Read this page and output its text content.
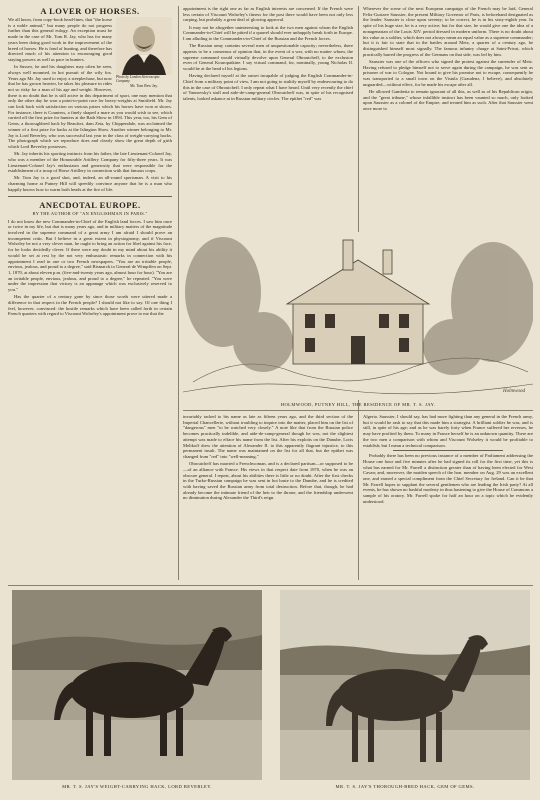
A LOVER OF HORSES.
Photo by London Stereoscopic Company.
Mr. Tom Rew Jay.

We all know, from copy-book head-lines, that "the horse is a noble animal," but many people do not progress further than this general eulogy. An exception must be made in the case of Mr. Tom R. Jay, who has for many years been doing good work in the improvement of the breed of horses. He is fond of hunting, and therefore has directed much of his attention to encouraging good staying powers as well as pace in hunters.

In Sussex, he and his daughters may often be seen, always well mounted, in hot pursuit of the wily fox. Years ago Mr. Jay used to enjoy a steeplechase, but now that he has grown heavier, he takes his pleasure in rides not so risky for a man of his age and weight. However, there is no doubt that he is still active in this department of sport, one may mention that only the other day he won a point-to-point race for heavy-weights at Smitfield. Mr. Jay can look back with satisfaction on various prizes which his horses have won at shows. For instance, there is Countess, a finely shaped a mare as you would wish to see, which carried off the first prize for hunters at the Bath Show in 1894. This year, too, his Gem of Gems, a thoroughbred hack by Beaufort, dam Zeta, by Chippendale, was acclaimed the winner of a first prize for hacks at the Islington Show. Another winner belonging to Mr. Jay is Lord Beverley, who was successful last year in the class of weight-carrying hacks. The photograph which we reproduce does and clearly show the great depth of girth which Lord Beverley possesses.

Mr. Jay inherits his sporting instincts from his father, the late Lieutenant-Colonel Jay, who was a member of the Honourable Artillery Company for fifty-three years. It was Lieutenant-Colonel Jay's enthusiasm and generosity that were responsible for the establishment of a troop of Horse Artillery in connection with that famous corps.

Mr. Tom Jay is a good shot, and, indeed, an all-round sportsman. A visit to his charming home at Putney Hill will speedily convince anyone that he is a man who happily knows how to warm both heads at the fire of life.

ANECDOTAL EUROPE.
BY THE AUTHOR OF "AN ENGLISHMAN IN PARIS."

I do not know the new Commander-in-Chief of the English land forces. I saw him once or twice in my life, but that is many years ago, and in military matters of the magnitude involved in the supreme command of a great army I am afraid I should prove an incompetent critic. But I believe in a great extent in physiognomy, and if Viscount Wolseley be not a very clever man, he ought to bring an action for libel against his face, for he looks decidedly clever. If there were any doubt in my mind about his ability it would be set at rest by the not very enthusiastic remarks in connection with his appointment I read in one or two French newspapers. "You are an irritable people, envious, jealous, and proud to a degree," said Bismarck to General de Wimpffen on Sept. 1, 1870, at about eleven p.m. (five-and-twenty years ago, almost hour for hour). "You are an irritable people, envious, jealous, and proud to a degree," he repeated. "You were under the impression that victory is an appanage which was exclusively reserved to you."

Has the quarter of a century gone by since those words were uttered made a difference in that respect in the French people? I should not like to say. Of one thing I feel, however, convinced: the hostile remarks which have been called forth in certain French quarters with regard to Viscount Wolseley's appointment prove to me that the

appointment is the right one as far as English interests are concerned. If the French were less certain of Viscount Wolseley's fitness for the post there would have been not only less carping, but probably a great deal of glowing approval.

It may not be altogether uninteresting to look at the two men against whom the English Commander-in-Chief will be pitted if a quarrel should ever unhappily break forth in Europe. I am alluding to the Commanders-in-Chief of the Russian and the French forces.

The Russian army contains several men of unquestionable capacity; nevertheless, there appears to be a consensus of opinion that, in the event of a war, with no matter whom, the supreme command would virtually devolve upon General Obroutcheff, to the exclusion even of General Kouropatkine. I say virtual command, for, nominally, young Nicholas II. would be at the head of his legions.

Having declared myself at the outset incapable of judging the English Commander-in-Chief from a military point of view, I am not going to stultify myself by endeavouring to do this in the case of Obroutcheff. I only repeat what I have heard. Until very recently the chief of Vannovsky's staff and aide-de-camp-general Obroutcheff was, in spite of his recognised talents, looked askance at in Russian military circles. The epithet "red" was

Wherever the scene of the next European campaign of the French may be laid, General Felix-Gustave Saussier, the present Military Governor of Paris, is beforehand designated as the leader. Saussier is close upon seventy; to be correct, he is in his sixty-eighth year. In spite of his huge size, he is a very active; but for that size, he would give one the idea of a nonagenarian of the Louis XIV. period dressed in modern uniform. There is no doubt about his value as a soldier, which does not always mean an equal value as a supreme commander; but it is fair to state that in the battles around Metz, a quarter of a century ago, he distinguished himself most signally. The famous infantry charge at Saint-Privat, which practically barred the progress of the Germans on that side, was led by him.

Saussier was one of the officers who signed the protest against the surrender of Metz. Having refused to pledge himself not to serve again during the campaign, he was sent as prisoner of war to Cologne. Not bound to give his promise not to escape, consequently he was transported to a small town on the Vistula (Graudenz, I believe), and absolutely unguarded—without effect, for he made his escape after all.

He allowed Gambetta to remain ignorant of all this, as well as of his Republican origin, and the "great tribune," whose infallible instinct has been vaunted so much, only looked upon Saussier as a colonel of the Empire, and treated him as such. After that Saussier went once more to

Holmwood
HOLMWOOD, PUTNEY HILL, THE RESIDENCE OF MR. T. S. JAY.

invariably tacked to his name as late as fifteen years ago, and the third section of the Imperial Chancellerie, without troubling to inquire into the matter, placed him on the list of "dangerous" men "to be watched very closely." A note like that from the Russian police becomes practically indelible, and aide-de-camp-general though he was, not the slightest attempt was made to efface his name from the list. After his exploits on the Danube, Loris Melikoff drew the attention of Alexander II. to this apparently flagrant injustice, to this permanent insult. The name was maintained on the list for all that, but the epithet was changed from "red" into "well-meaning."

Obroutcheff has married a Frenchwoman, and is a declared partisan—or supposed to be—of an alliance with France. His views in that respect date from 1870, when he was an obscure general. I repeat, about his abilities there is little or no doubt. After the first checks in the Turko-Russian campaign he was sent in hot haste to the Danube, and he is credited with having saved the Russian army from total destruction. Before that, though, he had already become the intimate friend of the heir to the throne, and the friendship underwent no diminution during Alexander the Third's reign.

Algeria. Saussier, I should say, has had more fighting than any general in the French army, but it would be rash to say that this made him a strategist. A brilliant soldier he was, and is still, in spite of his age; and as he was barely forty when France suffered her reverses, he may have profited by them. To many in France herself he is an unknown quantity. There are the two men a comparison with whom and Viscount Wolseley it would be profitable to establish; but I mean a technical comparison.

Probably there has been no previous instance of a member of Parliament addressing the House one hour and five minutes after he had signed its roll for the first time, yet this is what has earned for Mr. Farrell a distinction greater than of having been elected for West Cavan; and, moreover, the maiden speech of the hon. member on Aug. 29 was an excellent one, and earned a special compliment from the Chief Secretary for Ireland. Can it be that Mr. Farrell hopes to supplant the several gentlemen who are leading the Irish party? At all events, he has shown no bashful modesty in thus hastening to give the House of Commons a sample of his oratory. Mr. Farrell spoke for half an hour on a topic which he evidently understood.

MR. T. S. JAY'S WEIGHT-CARRYING HACK, LORD BEVERLEY.	MR. T. S. JAY'S THOROUGH-BRED HACK, GEM OF GEMS.
